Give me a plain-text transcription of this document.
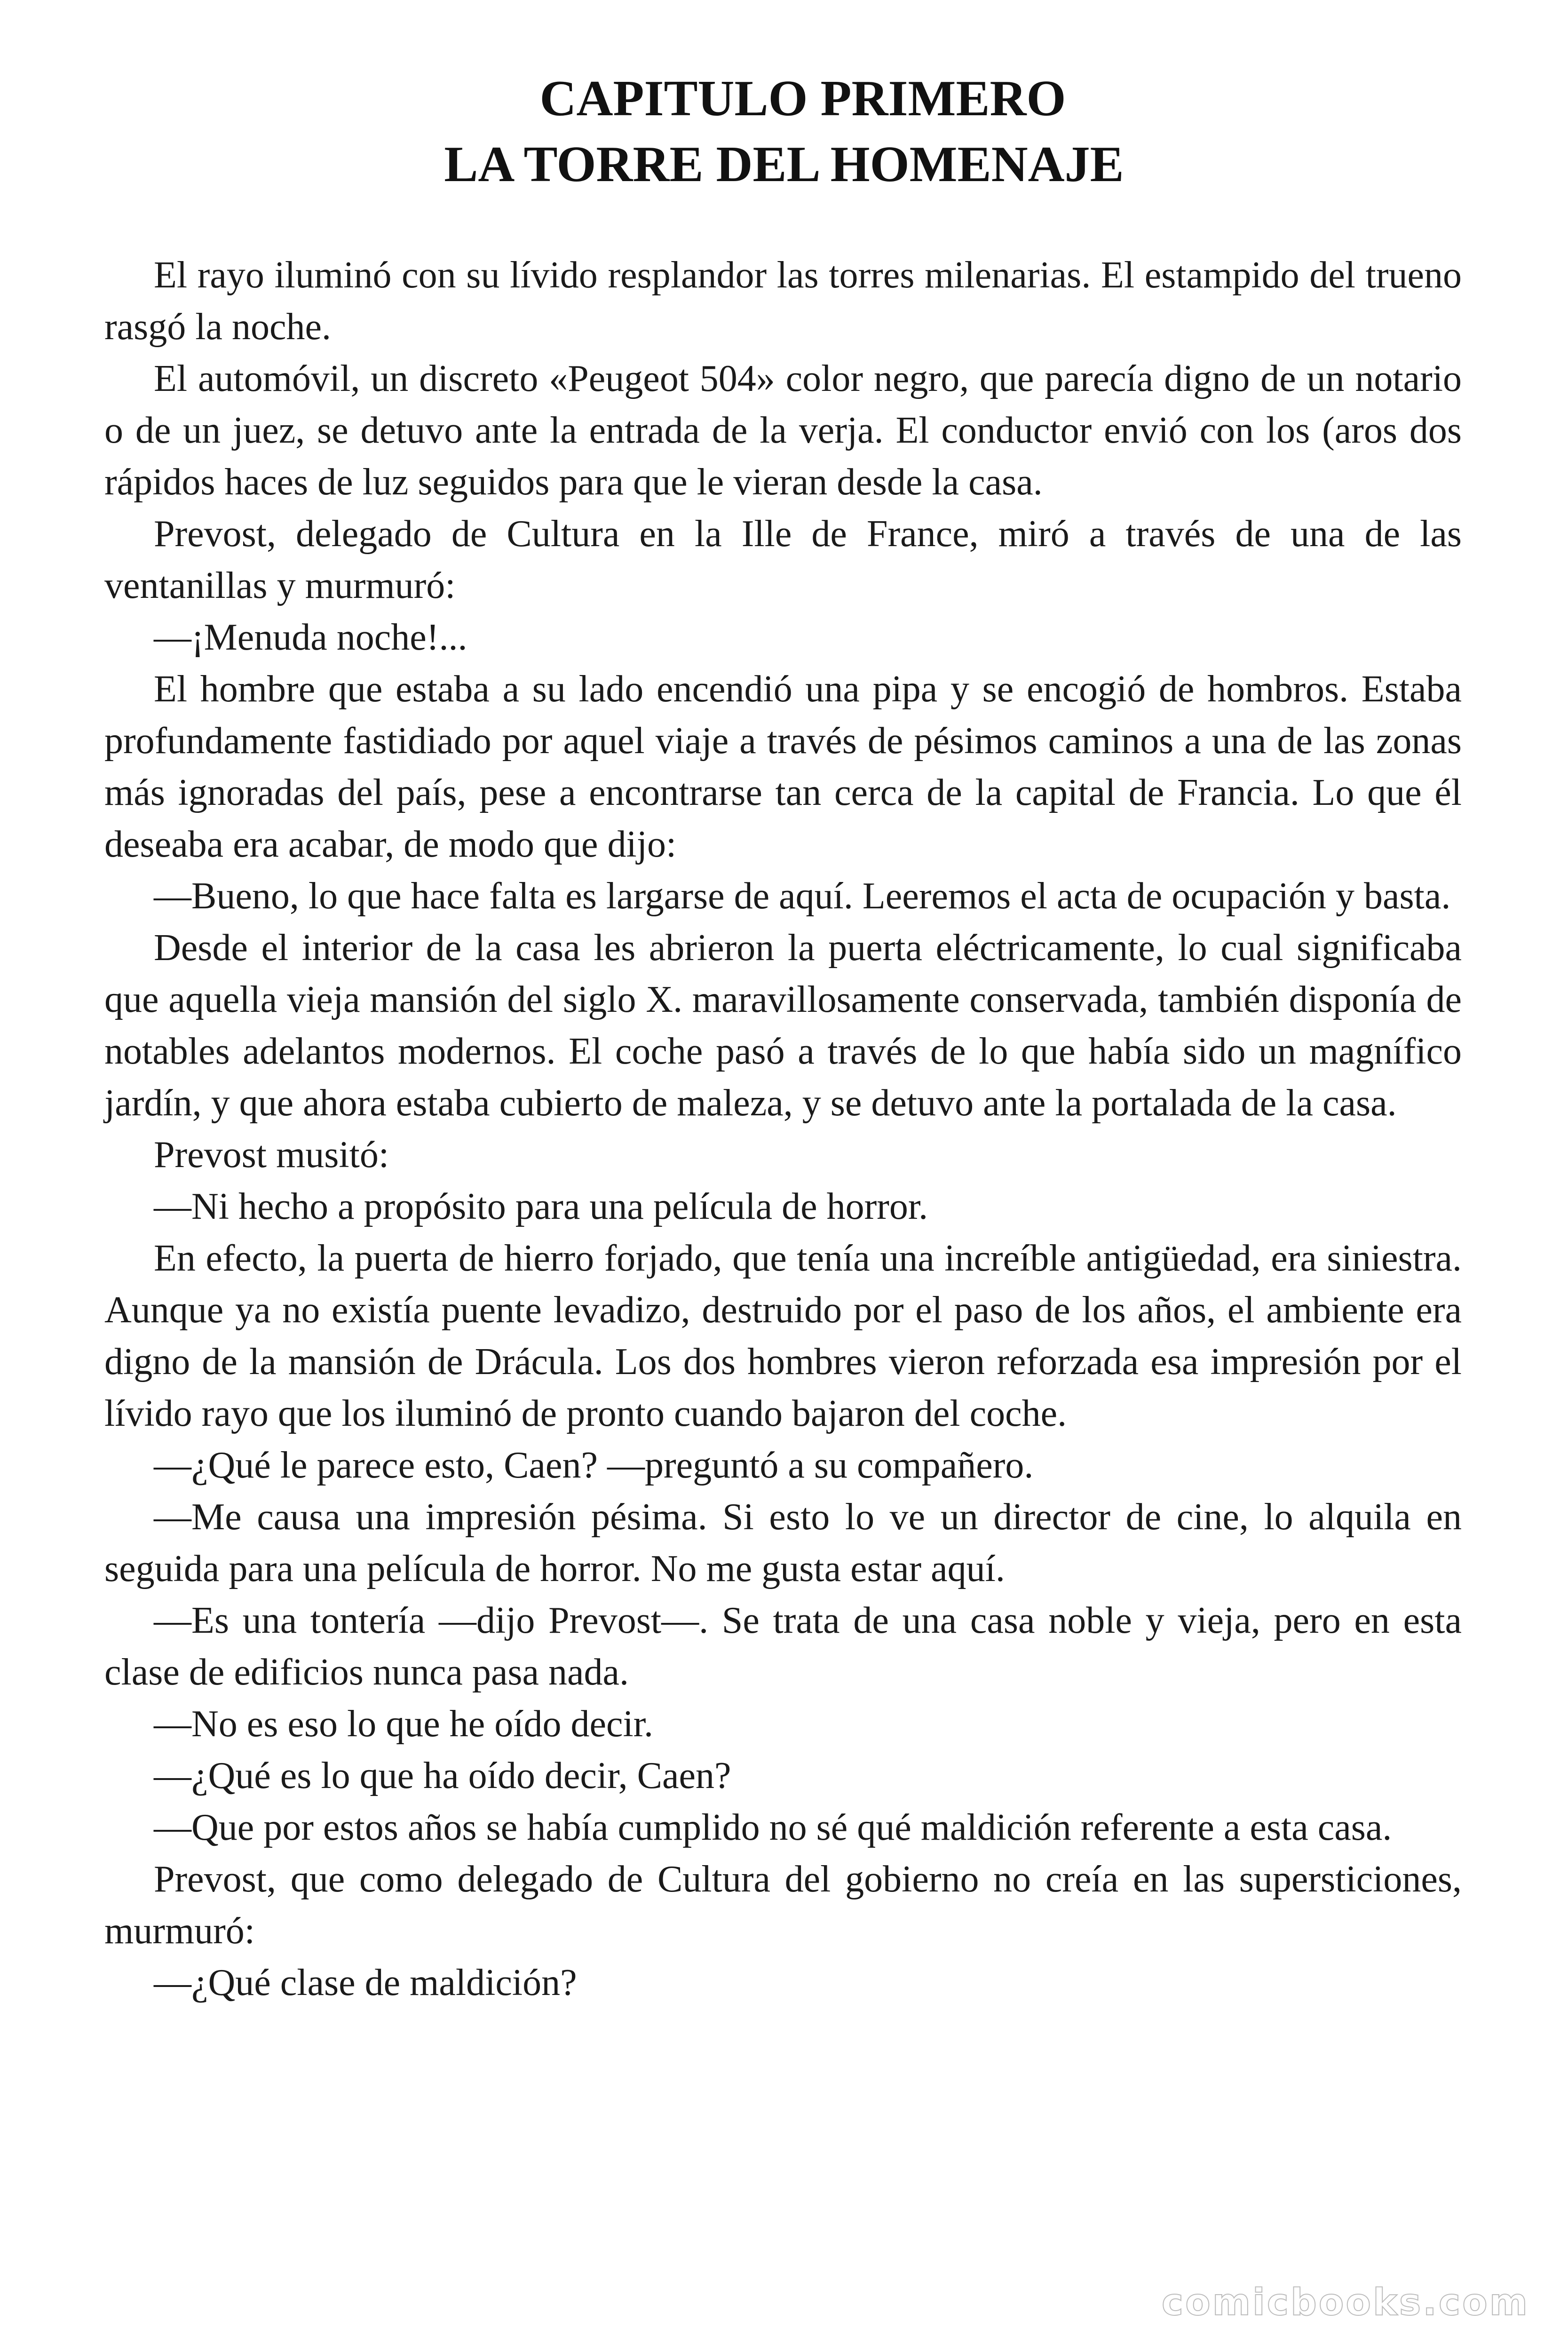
CAPITULO PRIMERO
LA TORRE DEL HOMENAJE

El rayo iluminó con su lívido resplandor las torres milenarias. El estampido del trueno rasgó la noche.

El automóvil, un discreto «Peugeot 504» color negro, que parecía digno de un notario o de un juez, se detuvo ante la entrada de la verja. El conductor envió con los (aros dos rápidos haces de luz seguidos para que le vieran desde la casa.

Prevost, delegado de Cultura en la Ille de France, miró a través de una de las ventanillas y murmuró:

—¡Menuda noche!...

El hombre que estaba a su lado encendió una pipa y se encogió de hombros. Estaba profundamente fastidiado por aquel viaje a través de pésimos caminos a una de las zonas más ignoradas del país, pese a encontrarse tan cerca de la capital de Francia. Lo que él deseaba era acabar, de modo que dijo:

—Bueno, lo que hace falta es largarse de aquí. Leeremos el acta de ocupación y basta.

Desde el interior de la casa les abrieron la puerta eléctricamente, lo cual significaba que aquella vieja mansión del siglo X. maravillosamente conservada, también disponía de notables adelantos modernos. El coche pasó a través de lo que había sido un magnífico jardín, y que ahora estaba cubierto de maleza, y se detuvo ante la portalada de la casa.

Prevost musitó:

—Ni hecho a propósito para una película de horror.

En efecto, la puerta de hierro forjado, que tenía una increíble antigüedad, era siniestra. Aunque ya no existía puente levadizo, destruido por el paso de los años, el ambiente era digno de la mansión de Drácula. Los dos hombres vieron reforzada esa impresión por el lívido rayo que los iluminó de pronto cuando bajaron del coche.

—¿Qué le parece esto, Caen? —preguntó a su compañero.

—Me causa una impresión pésima. Si esto lo ve un director de cine, lo alquila en seguida para una película de horror. No me gusta estar aquí.

—Es una tontería —dijo Prevost—. Se trata de una casa noble y vieja, pero en esta clase de edificios nunca pasa nada.

—No es eso lo que he oído decir.

—¿Qué es lo que ha oído decir, Caen?

—Que por estos años se había cumplido no sé qué maldición referente a esta casa.

Prevost, que como delegado de Cultura del gobierno no creía en las supersticiones, murmuró:

—¿Qué clase de maldición?

comicbooks.com
